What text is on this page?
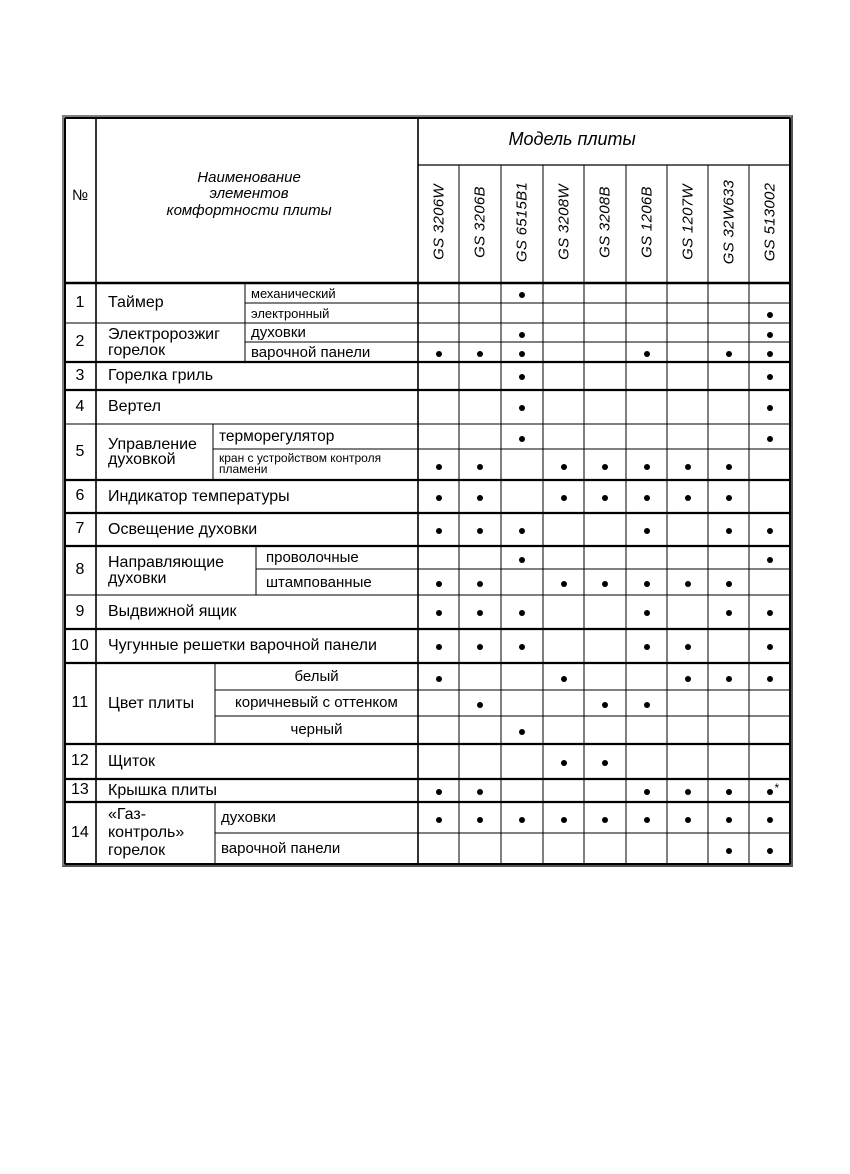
№
Наименование
элементов
комфортности плиты
Модель плиты
GS 3206W GS 3206B GS 6515B1 GS 3208W GS 3208B GS 1206B GS 1207W GS 32W633 GS 513002
1 Таймер
механический
электронный
2 Электророзжиг
горелок
духовки
варочной панели
3 Горелка гриль
4 Вертел
5 Управление
духовкой
терморегулятор
кран с устройством контроля
пламени
6 Индикатор температуры
7 Освещение духовки
8 Направляющие
духовки
проволочные
штампованные
9 Выдвижной ящик
10 Чугунные решетки варочной панели
11 Цвет плиты
белый
коричневый с оттенком
черный
12 Щиток
13 Крышка плиты	*
14
«Газ-
контроль»
горелок
духовки
варочной панели
